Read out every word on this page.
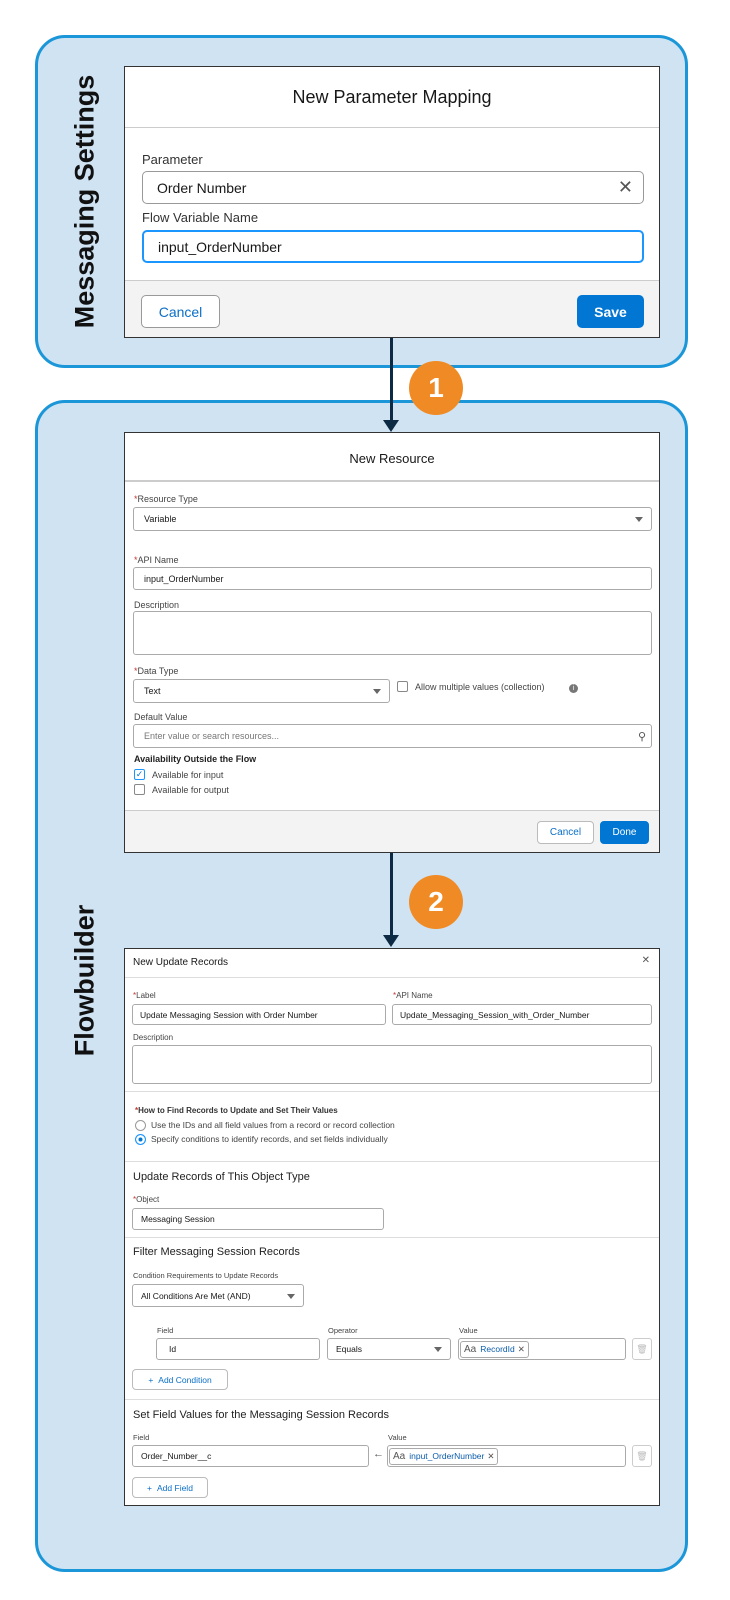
Messaging Settings	New Parameter Mapping
Parameter
Order Number	✕
Flow Variable Name
input_OrderNumber
Cancel	Save
Flowbuilder
1
New Resource
*Resource Type
Variable
*API Name
input_OrderNumber
Description
*Data Type
Text	Allow multiple values (collection)	i
Default Value
Enter value or search resources...	⚲
Availability Outside the Flow
✓ Available for input
Available for output
Cancel	Done
2
New Update Records	✕
*Label
Update Messaging Session with Order Number
*API Name
Update_Messaging_Session_with_Order_Number
Description
*How to Find Records to Update and Set Their Values
Use the IDs and all field values from a record or record collection
Specify conditions to identify records, and set fields individually
Update Records of This Object Type
*Object
Messaging Session
Filter Messaging Session Records
Condition Requirements to Update Records
All Conditions Are Met (AND)
Field
Id
Operator
Equals
Value
Aa RecordId ✕	🗑
+ Add Condition
Set Field Values for the Messaging Session Records
Field
Order_Number__c	←
Value
Aa input_OrderNumber ✕	🗑
+ Add Field
